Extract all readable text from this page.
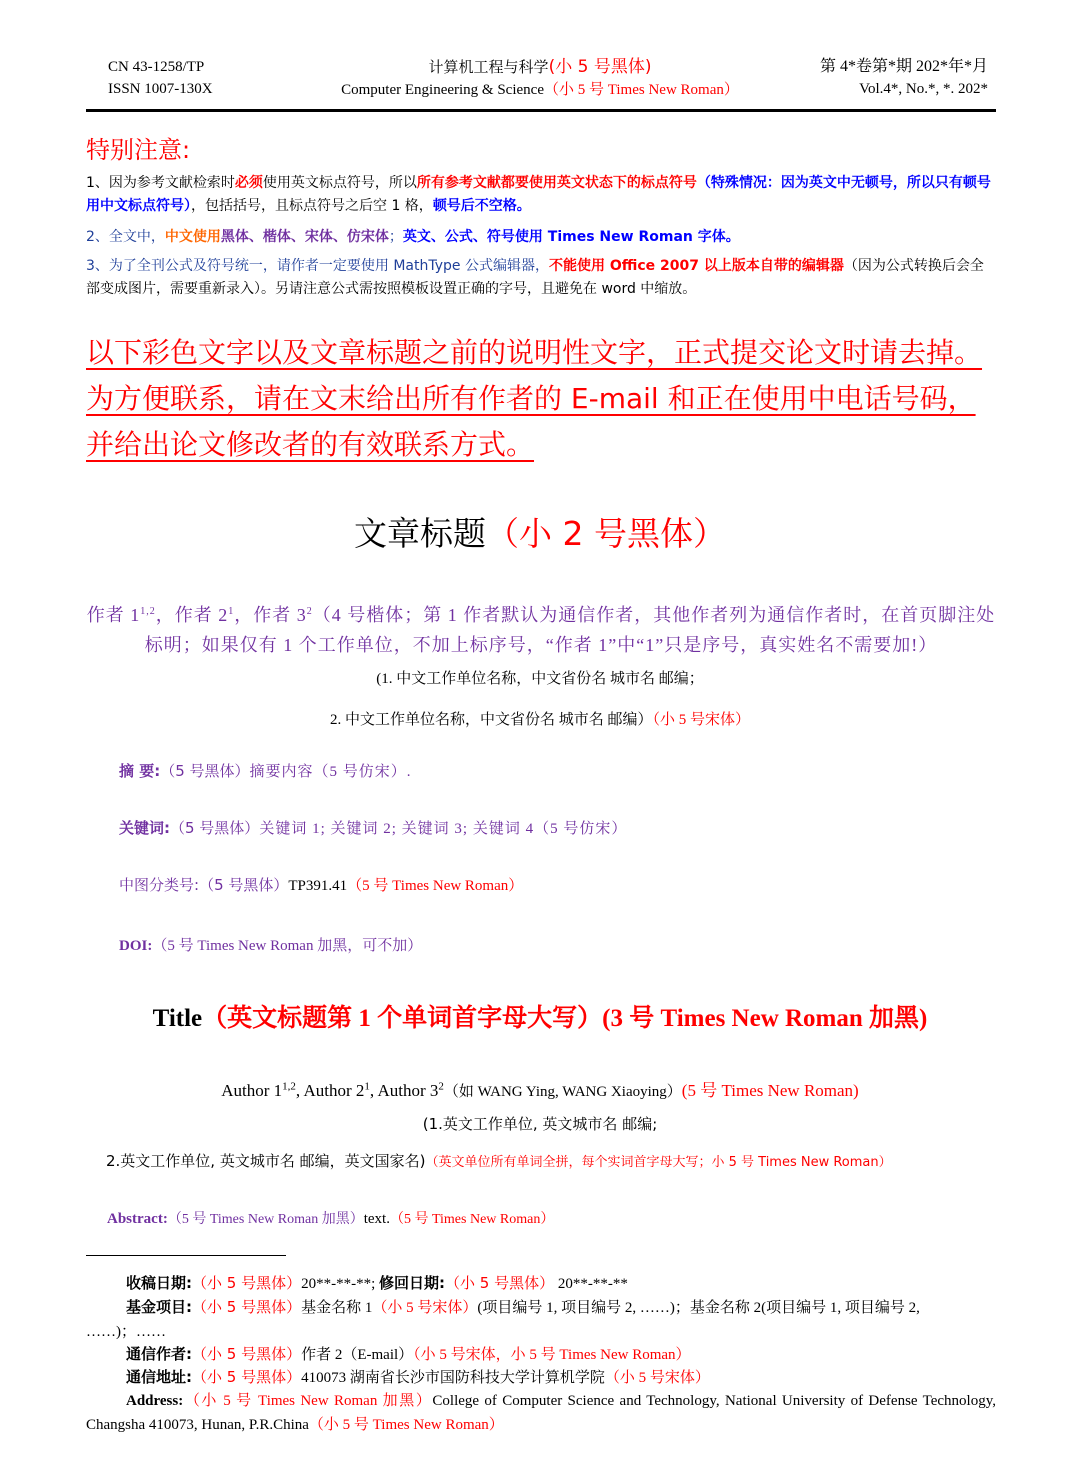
CN 43-1258/TP
ISSN 1007-130X
计算机工程与科学(小 5 号黑体)
Computer Engineering & Science（小 5 号 Times New Roman）
第 4*卷第*期 202*年*月
Vol.4*, No.*, *. 202*
特别注意:
1、因为参考文献检索时必须使用英文标点符号，所以所有参考文献都要使用英文状态下的标点符号（特殊情况：因为英文中无顿号，所以只有顿号用中文标点符号），包括括号，且标点符号之后空 1 格，顿号后不空格。
2、全文中，中文使用黑体、楷体、宋体、仿宋体；英文、公式、符号使用 Times New Roman 字体。
3、为了全刊公式及符号统一，请作者一定要使用 MathType 公式编辑器，不能使用 Office 2007 以上版本自带的编辑器（因为公式转换后会全部变成图片，需要重新录入）。另请注意公式需按照模板设置正确的字号，且避免在 word 中缩放。
以下彩色文字以及文章标题之前的说明性文字，正式提交论文时请去掉。为方便联系，请在文末给出所有作者的 E-mail 和正在使用中电话号码，并给出论文修改者的有效联系方式。
文章标题（小 2 号黑体）
作者 1$^{1,2}$，作者 $2^1$，作者 $3^2(4$ 号楷体；第 1 作者默认为通信作者，其他作者列为通信作者时，在首页脚注处标明；如果仅有 1 个工作单位，不加上标序号，“作者 1”中“1”只是序号，真实姓名不需要加!）
(1. 中文工作单位名称，中文省份名 城市名 邮编；
2. 中文工作单位名称，中文省份名 城市名 邮编）（小 5 号宋体）
摘 要:（5 号黑体）摘要内容（5 号仿宋）.
关键词:（5 号黑体）关键词 1; 关键词 2; 关键词 3; 关键词 4（5 号仿宋）
中图分类号:（5 号黑体）TP391.41（5 号 Times New Roman）
DOI:（5 号 Times New Roman 加黑，可不加）
Title（英文标题第 1 个单词首字母大写）(3 号 Times New Roman 加黑)
Author 1$^{1,2}$, Author $2^1$, Author $3^2$（如 WANG Ying, WANG Xiaoying）(5 号 Times New Roman)
(1.英文工作单位, 英文城市名 邮编;
2.英文工作单位, 英文城市名 邮编，英文国家名)（英文单位所有单词全拼，每个实词首字母大写；小 5 号 Times New Roman）
Abstract:（5 号 Times New Roman 加黑）text.（5 号 Times New Roman）
收稿日期:（小 5 号黑体）20**-**-**; 修回日期:（小 5 号黑体） 20**-**-**
基金项目:（小 5 号黑体）基金名称 1（小 5 号宋体）(项目编号 1, 项目编号 2, ……)；基金名称 2(项目编号 1, 项目编号 2, ……)；……
通信作者:（小 5 号黑体）作者 2（E-mail）（小 5 号宋体，小 5 号 Times New Roman）
通信地址:（小 5 号黑体）410073 湖南省长沙市国防科技大学计算机学院（小 5 号宋体）
Address:（小 5 号 Times New Roman 加黑）College of Computer Science and Technology, National University of Defense Technology, Changsha 410073, Hunan, P.R.China（小 5 号 Times New Roman）
